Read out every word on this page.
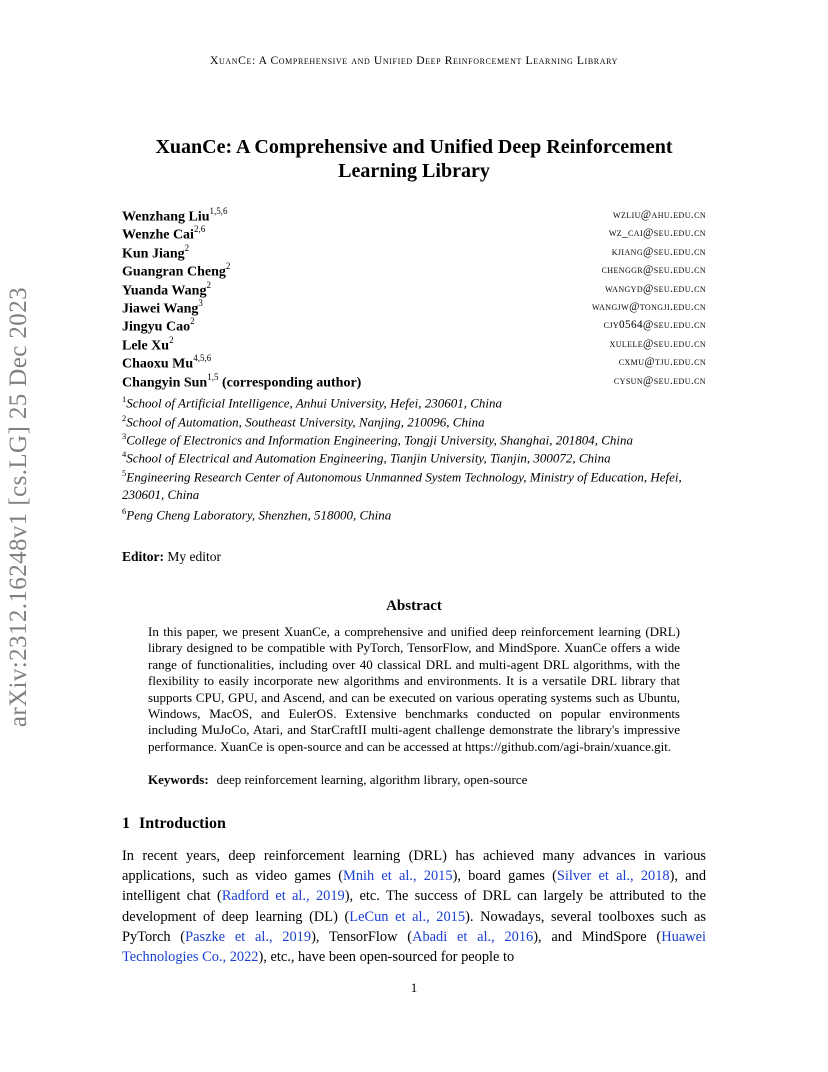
XuanCe: A Comprehensive and Unified Deep Reinforcement Learning Library
arXiv:2312.16248v1 [cs.LG] 25 Dec 2023
XuanCe: A Comprehensive and Unified Deep Reinforcement
Learning Library
Wenzhang Liu$^{1,5,6}$	wzliu@ahu.edu.cn
Wenzhe Cai$^{2,6}$	wz_cai@seu.edu.cn
Kun Jiang$^2$	kjiang@seu.edu.cn
Guangran Cheng$^2$	chenggr@seu.edu.cn
Yuanda Wang$^2$	wangyd@seu.edu.cn
Jiawei Wang$^3$	wangjw@tongji.edu.cn
Jingyu Cao$^2$	cjy0564@seu.edu.cn
Lele Xu$^2$	xulele@seu.edu.cn
Chaoxu Mu$^{4,5,6}$	cxmu@tju.edu.cn
Changyin Sun$^{1,5}$ (corresponding author)	cysun@seu.edu.cn
$^1$School of Artificial Intelligence, Anhui University, Hefei, 230601, China
$^2$School of Automation, Southeast University, Nanjing, 210096, China
$^3$College of Electronics and Information Engineering, Tongji University, Shanghai, 201804, China
$^4$School of Electrical and Automation Engineering, Tianjin University, Tianjin, 300072, China
$^5$Engineering Research Center of Autonomous Unmanned System Technology, Ministry of Education, Hefei, 230601, China
$^6$Peng Cheng Laboratory, Shenzhen, 518000, China
Editor: My editor
Abstract

In this paper, we present XuanCe, a comprehensive and unified deep reinforcement learning (DRL) library designed to be compatible with PyTorch, TensorFlow, and MindSpore. XuanCe offers a wide range of functionalities, including over 40 classical DRL and multi-agent DRL algorithms, with the flexibility to easily incorporate new algorithms and environments. It is a versatile DRL library that supports CPU, GPU, and Ascend, and can be executed on various operating systems such as Ubuntu, Windows, MacOS, and EulerOS. Extensive benchmarks conducted on popular environments including MuJoCo, Atari, and StarCraftII multi-agent challenge demonstrate the library's impressive performance. XuanCe is open-source and can be accessed at https://github.com/agi-brain/xuance.git.

Keywords: deep reinforcement learning, algorithm library, open-source
1 Introduction

In recent years, deep reinforcement learning (DRL) has achieved many advances in various applications, such as video games (Mnih et al., 2015), board games (Silver et al., 2018), and intelligent chat (Radford et al., 2019), etc. The success of DRL can largely be attributed to the development of deep learning (DL) (LeCun et al., 2015). Nowadays, several toolboxes such as PyTorch (Paszke et al., 2019), TensorFlow (Abadi et al., 2016), and MindSpore (Huawei Technologies Co., 2022), etc., have been open-sourced for people to

1
